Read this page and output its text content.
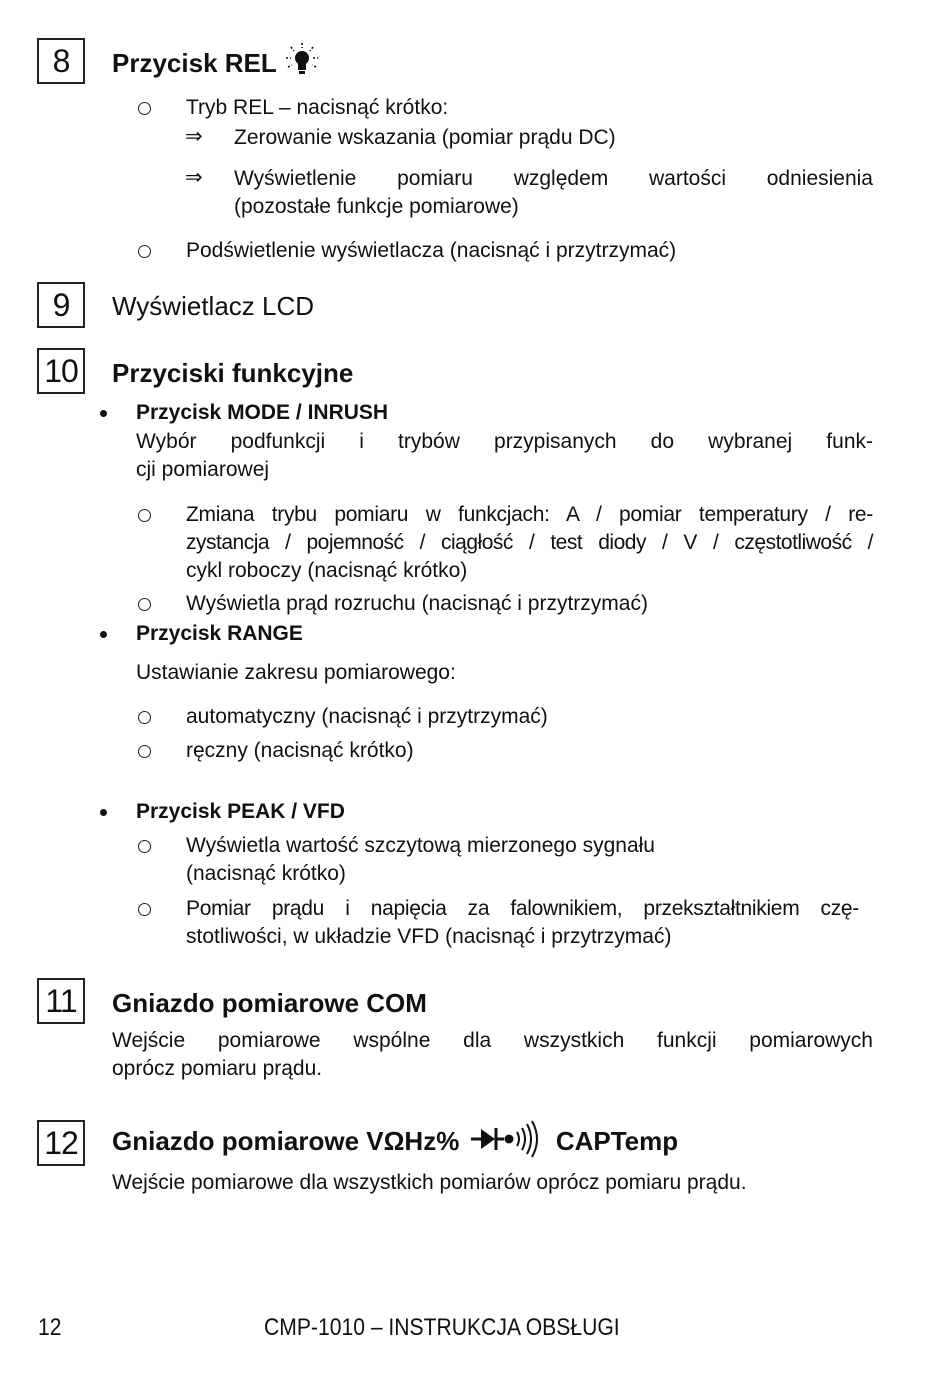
8	Przycisk REL
Tryb REL – nacisnąć krótko:
⇒ Zerowanie wskazania (pomiar prądu DC)
⇒ Wyświetlenie pomiaru względem wartości odniesienia
(pozostałe funkcje pomiarowe)
Podświetlenie wyświetlacza (nacisnąć i przytrzymać)
9	Wyświetlacz LCD
10 Przyciski funkcyjne
Przycisk MODE / INRUSH
Wybór podfunkcji i trybów przypisanych do wybranej funk-
cji pomiarowej
Zmiana trybu pomiaru w funkcjach: A / pomiar temperatury / re-
zystancja / pojemność / ciągłość / test diody / V / częstotliwość /
cykl roboczy (nacisnąć krótko)
Wyświetla prąd rozruchu (nacisnąć i przytrzymać)
Przycisk RANGE
Ustawianie zakresu pomiarowego:
automatyczny (nacisnąć i przytrzymać)
ręczny (nacisnąć krótko)
Przycisk PEAK / VFD
Wyświetla wartość szczytową mierzonego sygnału
(nacisnąć krótko)
Pomiar prądu i napięcia za falownikiem, przekształtnikiem czę-
stotliwości, w układzie VFD (nacisnąć i przytrzymać)
11	Gniazdo pomiarowe COM
Wejście pomiarowe wspólne dla wszystkich funkcji pomiarowych
oprócz pomiaru prądu.
12 Gniazdo pomiarowe VΩHz%	CAPTemp
Wejście pomiarowe dla wszystkich pomiarów oprócz pomiaru prądu.
12	CMP-1010 – INSTRUKCJA OBSŁUGI
